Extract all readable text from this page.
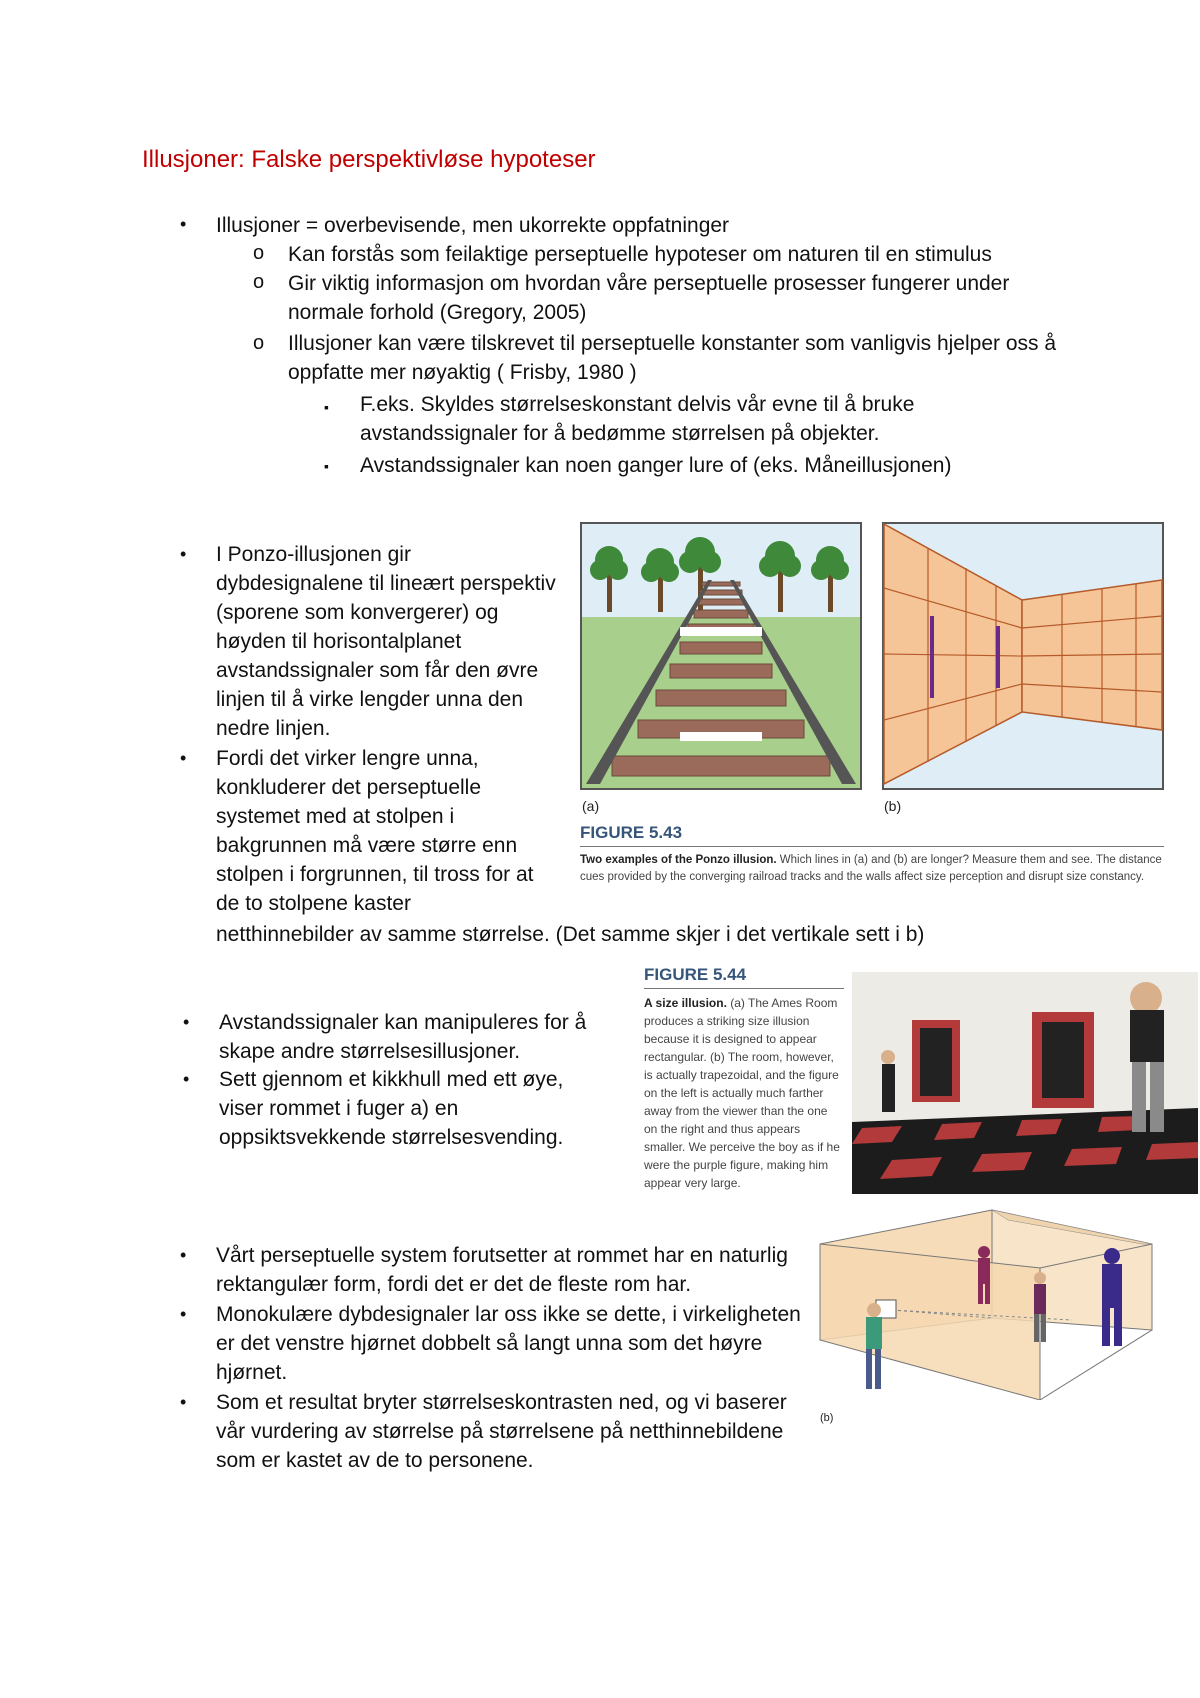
Illusjoner: Falske perspektivløse hypoteser
• Illusjoner = overbevisende, men ukorrekte oppfatninger
o Kan forstås som feilaktige perseptuelle hypoteser om naturen til en stimulus
o Gir viktig informasjon om hvordan våre perseptuelle prosesser fungerer under normale forhold (Gregory, 2005)
o Illusjoner kan være tilskrevet til perseptuelle konstanter som vanligvis hjelper oss å oppfatte mer nøyaktig ( Frisby, 1980 )
▪ F.eks. Skyldes størrelseskonstant delvis vår evne til å bruke avstandssignaler for å bedømme størrelsen på objekter.
▪ Avstandssignaler kan noen ganger lure of (eks. Måneillusjonen)
• I Ponzo-illusjonen gir dybdesignalene til lineært perspektiv (sporene som konvergerer) og høyden til horisontalplanet avstandssignaler som får den øvre linjen til å virke lengder unna den nedre linjen.
• Fordi det virker lengre unna, konkluderer det perseptuelle systemet med at stolpen i bakgrunnen må være større enn stolpen i forgrunnen, til tross for at de to stolpene kaster
netthinnebilder av samme størrelse. (Det samme skjer i det vertikale sett i b)
(a)	(b)
FIGURE 5.43
Two examples of the Ponzo illusion. Which lines in (a) and (b) are longer? Measure them and see. The distance cues provided by the converging railroad tracks and the walls affect size perception and disrupt size constancy.
• Avstandssignaler kan manipuleres for å skape andre størrelsesillusjoner.
• Sett gjennom et kikkhull med ett øye, viser rommet i fuger a) en oppsiktsvekkende størrelsesvending.
FIGURE 5.44
A size illusion. (a) The Ames Room produces a striking size illusion because it is designed to appear rectangular. (b) The room, however, is actually trapezoidal, and the figure on the left is actually much farther away from the viewer than the one on the right and thus appears smaller. We perceive the boy as if he were the purple figure, making him appear very large.
(b)
• Vårt perseptuelle system forutsetter at rommet har en naturlig rektangulær form, fordi det er det de fleste rom har.
• Monokulære dybdesignaler lar oss ikke se dette, i virkeligheten er det venstre hjørnet dobbelt så langt unna som det høyre hjørnet.
• Som et resultat bryter størrelseskontrasten ned, og vi baserer vår vurdering av størrelse på størrelsene på netthinnebildene som er kastet av de to personene.
